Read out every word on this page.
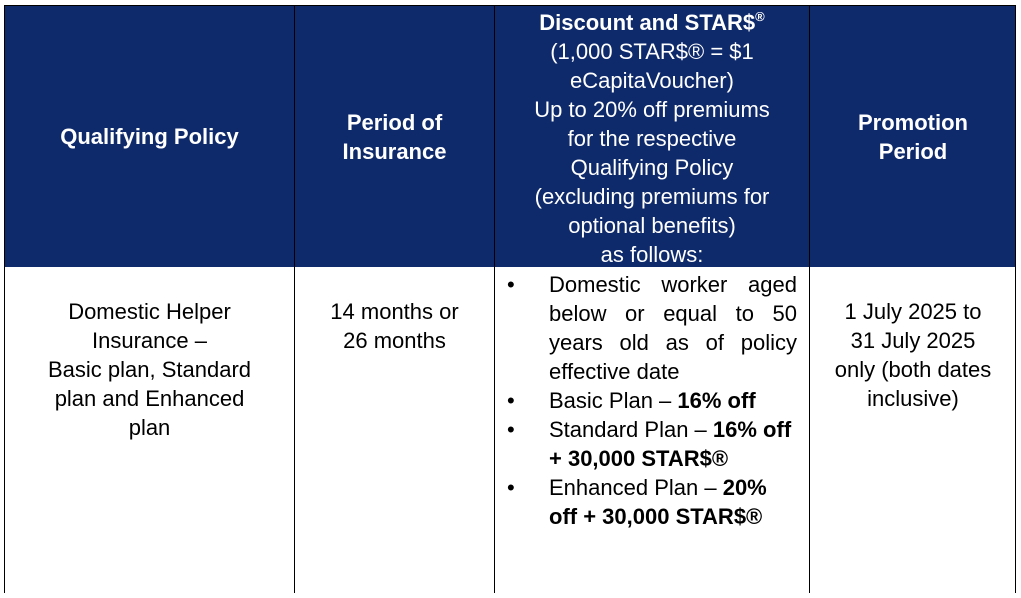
Qualifying Policy
Period of
Insurance
Discount and STAR$®
(1,000 STAR$® = $1
eCapitaVoucher)
Up to 20% off premiums
for the respective
Qualifying Policy
(excluding premiums for
optional benefits)
as follows:
Promotion
Period
Domestic Helper
Insurance –
Basic plan, Standard
plan and Enhanced
plan
14 months or
26 months
• Domestic worker aged below or equal to 50 years old as of policy effective date
• Basic Plan – 16% off
• Standard Plan – 16% off + 30,000 STAR$®
• Enhanced Plan – 20% off + 30,000 STAR$®
1 July 2025 to
31 July 2025
only (both dates
inclusive)
